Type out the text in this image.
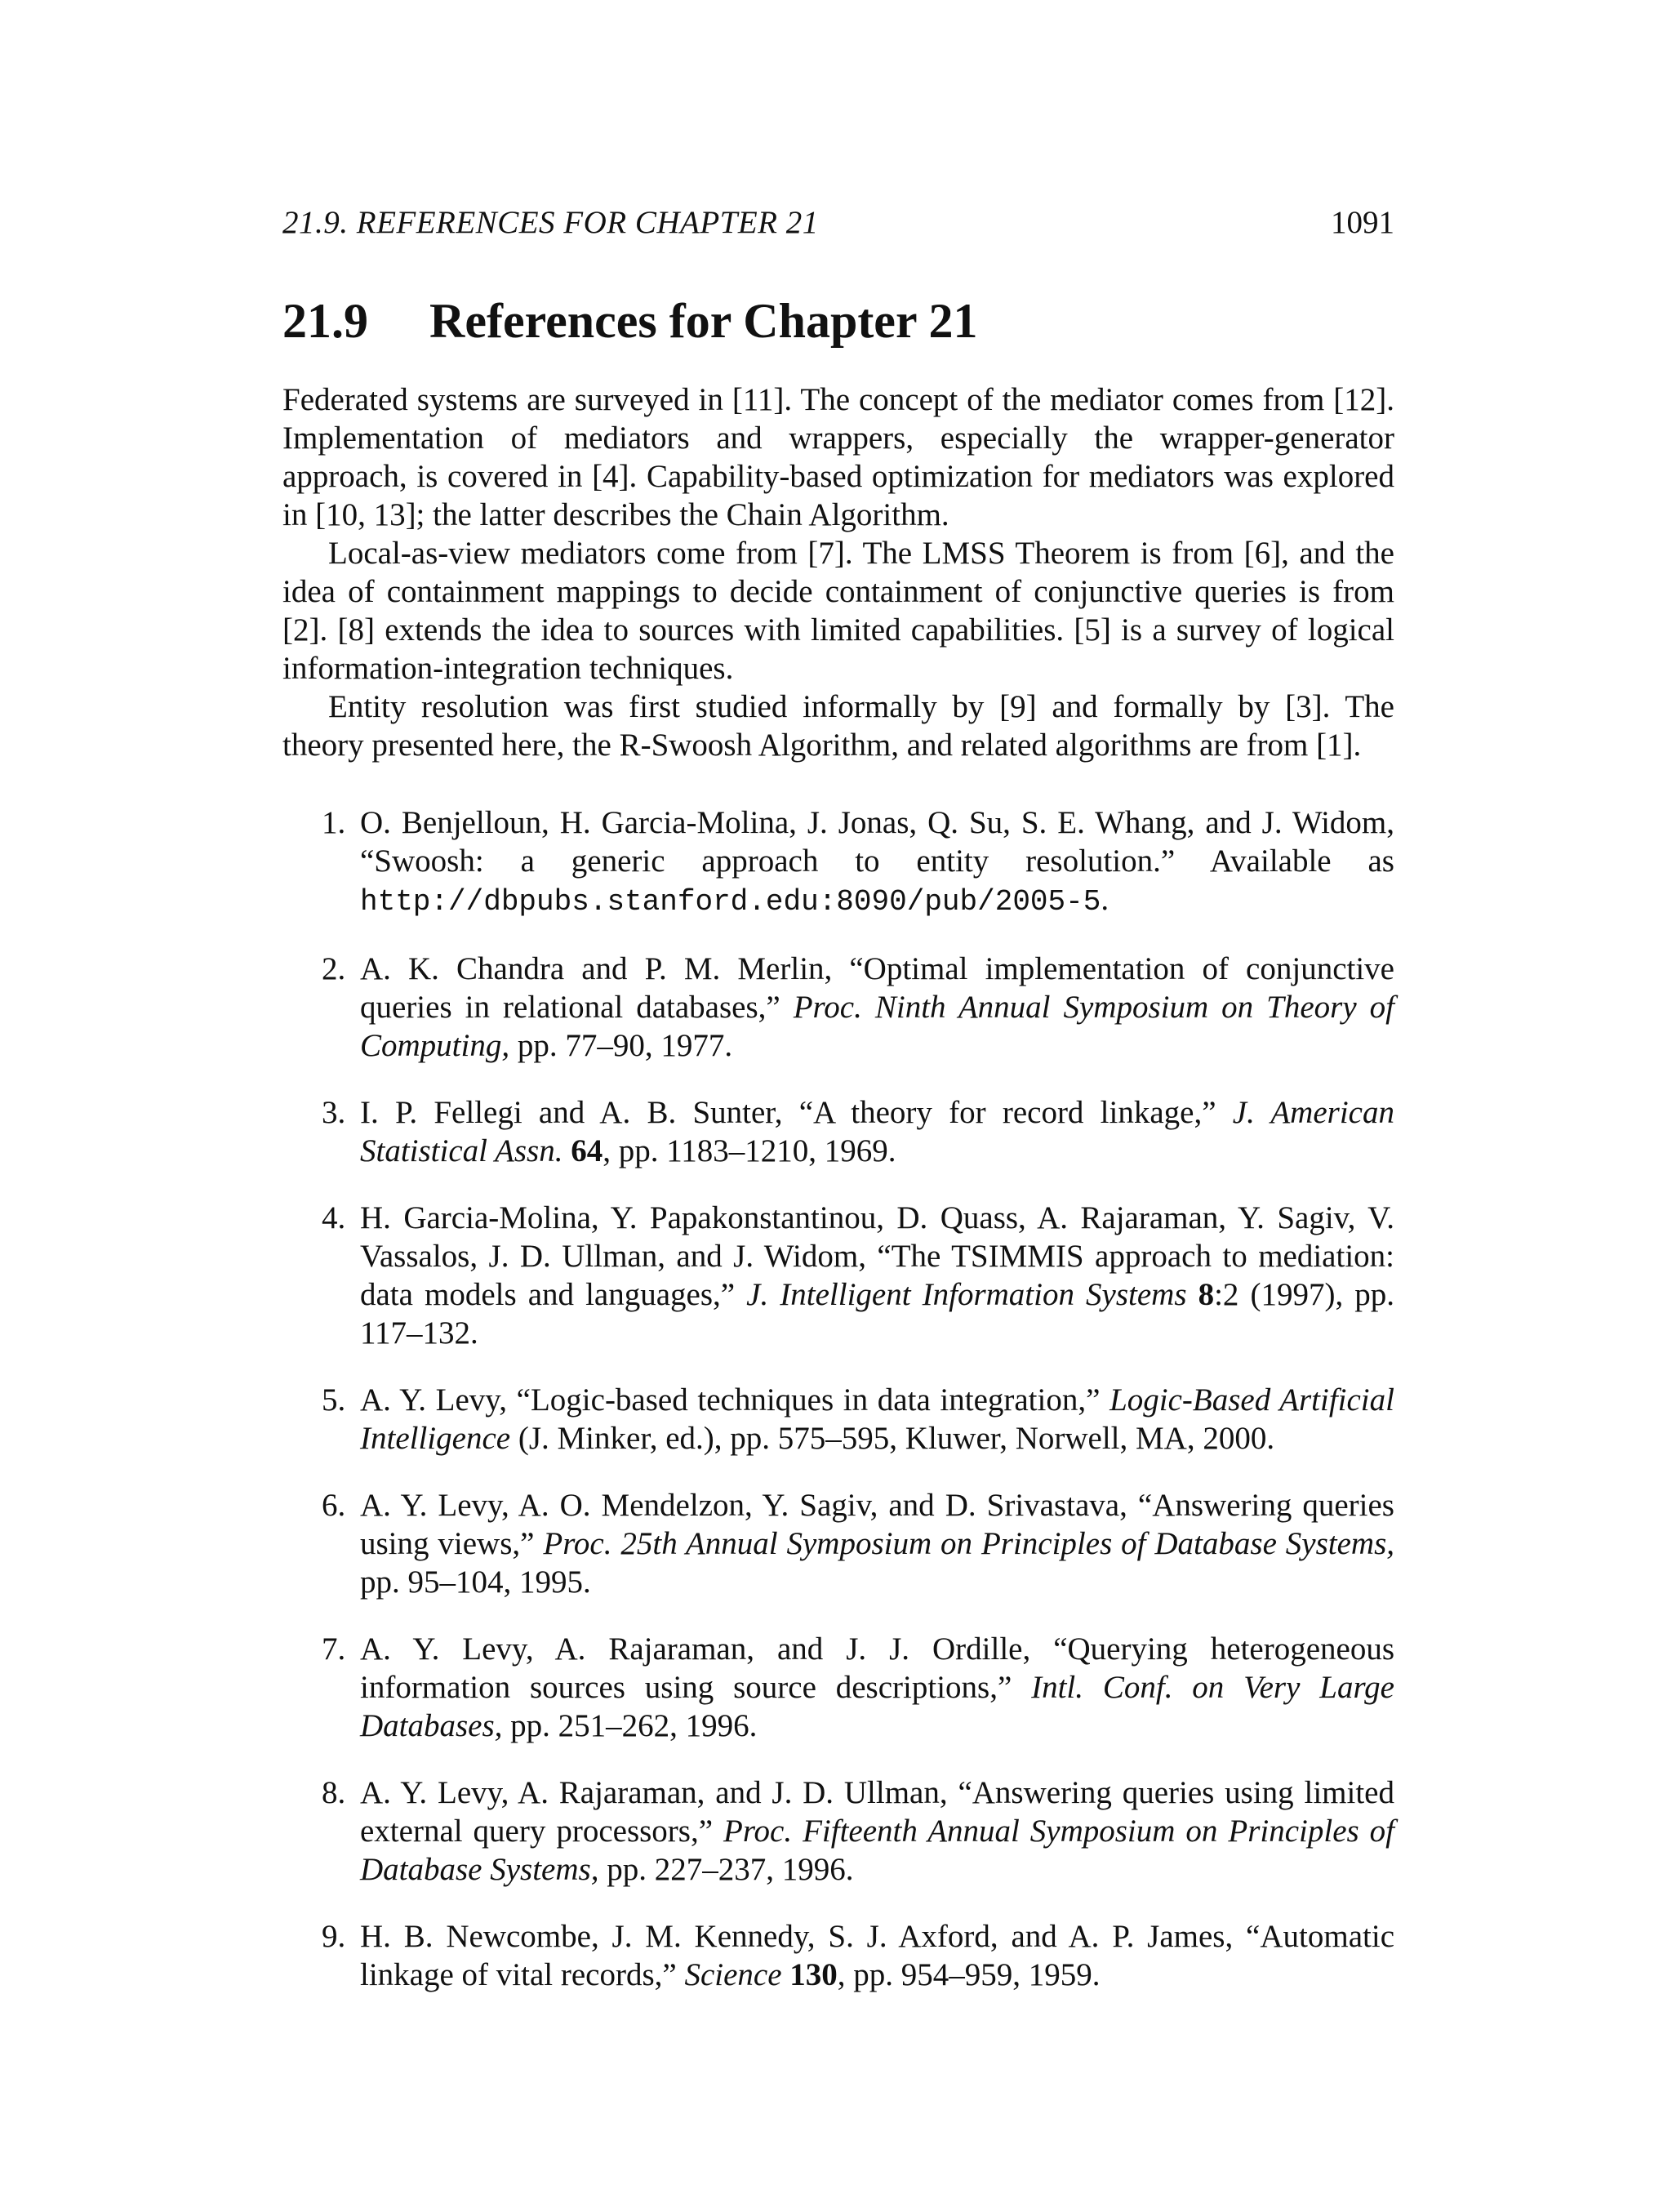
21.9. REFERENCES FOR CHAPTER 21	1091
21.9 References for Chapter 21

Federated systems are surveyed in [11]. The concept of the mediator comes from [12]. Implementation of mediators and wrappers, especially the wrapper-generator approach, is covered in [4]. Capability-based optimization for mediators was explored in [10, 13]; the latter describes the Chain Algorithm.

Local-as-view mediators come from [7]. The LMSS Theorem is from [6], and the idea of containment mappings to decide containment of conjunctive queries is from [2]. [8] extends the idea to sources with limited capabilities. [5] is a survey of logical information-integration techniques.

Entity resolution was first studied informally by [9] and formally by [3]. The theory presented here, the R-Swoosh Algorithm, and related algorithms are from [1].

1. O. Benjelloun, H. Garcia-Molina, J. Jonas, Q. Su, S. E. Whang, and J. Widom, “Swoosh: a generic approach to entity resolution.” Available as http://dbpubs.stanford.edu:8090/pub/2005-5.
2. A. K. Chandra and P. M. Merlin, “Optimal implementation of conjunctive queries in relational databases,” Proc. Ninth Annual Symposium on Theory of Computing, pp. 77–90, 1977.
3. I. P. Fellegi and A. B. Sunter, “A theory for record linkage,” J. American Statistical Assn. 64, pp. 1183–1210, 1969.
4. H. Garcia-Molina, Y. Papakonstantinou, D. Quass, A. Rajaraman, Y. Sagiv, V. Vassalos, J. D. Ullman, and J. Widom, “The TSIMMIS approach to mediation: data models and languages,” J. Intelligent Information Systems 8:2 (1997), pp. 117–132.
5. A. Y. Levy, “Logic-based techniques in data integration,” Logic-Based Artificial Intelligence (J. Minker, ed.), pp. 575–595, Kluwer, Norwell, MA, 2000.
6. A. Y. Levy, A. O. Mendelzon, Y. Sagiv, and D. Srivastava, “Answering queries using views,” Proc. 25th Annual Symposium on Principles of Database Systems, pp. 95–104, 1995.
7. A. Y. Levy, A. Rajaraman, and J. J. Ordille, “Querying heterogeneous information sources using source descriptions,” Intl. Conf. on Very Large Databases, pp. 251–262, 1996.
8. A. Y. Levy, A. Rajaraman, and J. D. Ullman, “Answering queries using limited external query processors,” Proc. Fifteenth Annual Symposium on Principles of Database Systems, pp. 227–237, 1996.
9. H. B. Newcombe, J. M. Kennedy, S. J. Axford, and A. P. James, “Automatic linkage of vital records,” Science 130, pp. 954–959, 1959.
